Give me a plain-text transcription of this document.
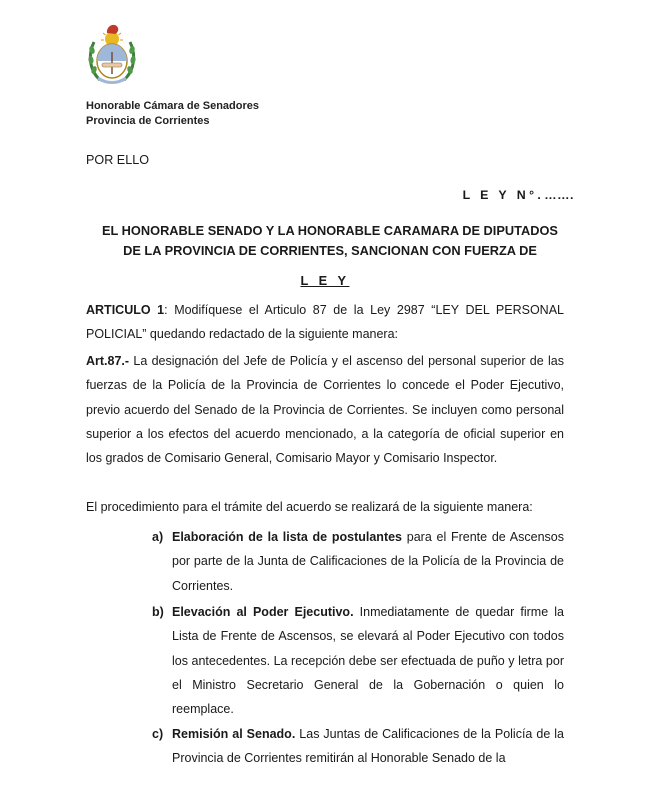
Honorable Cámara de Senadores
Provincia de Corrientes
POR ELLO
L E Y N°.…….
EL HONORABLE SENADO Y LA HONORABLE CARAMARA DE DIPUTADOS
DE LA PROVINCIA DE CORRIENTES, SANCIONAN CON FUERZA DE
L E Y
ARTICULO 1: Modifíquese el Articulo 87 de la Ley 2987 “LEY DEL PERSONAL POLICIAL” quedando redactado de la siguiente manera:
Art.87.- La designación del Jefe de Policía y el ascenso del personal superior de las fuerzas de la Policía de la Provincia de Corrientes lo concede el Poder Ejecutivo, previo acuerdo del Senado de la Provincia de Corrientes. Se incluyen como personal superior a los efectos del acuerdo mencionado, a la categoría de oficial superior en los grados de Comisario General, Comisario Mayor y Comisario Inspector.
El procedimiento para el trámite del acuerdo se realizará de la siguiente manera:
a) Elaboración de la lista de postulantes para el Frente de Ascensos por parte de la Junta de Calificaciones de la Policía de la Provincia de Corrientes.
b) Elevación al Poder Ejecutivo. Inmediatamente de quedar firme la Lista de Frente de Ascensos, se elevará al Poder Ejecutivo con todos los antecedentes. La recepción debe ser efectuada de puño y letra por el Ministro Secretario General de la Gobernación o quien lo reemplace.
c) Remisión al Senado. Las Juntas de Calificaciones de la Policía de la Provincia de Corrientes remitirán al Honorable Senado de la
